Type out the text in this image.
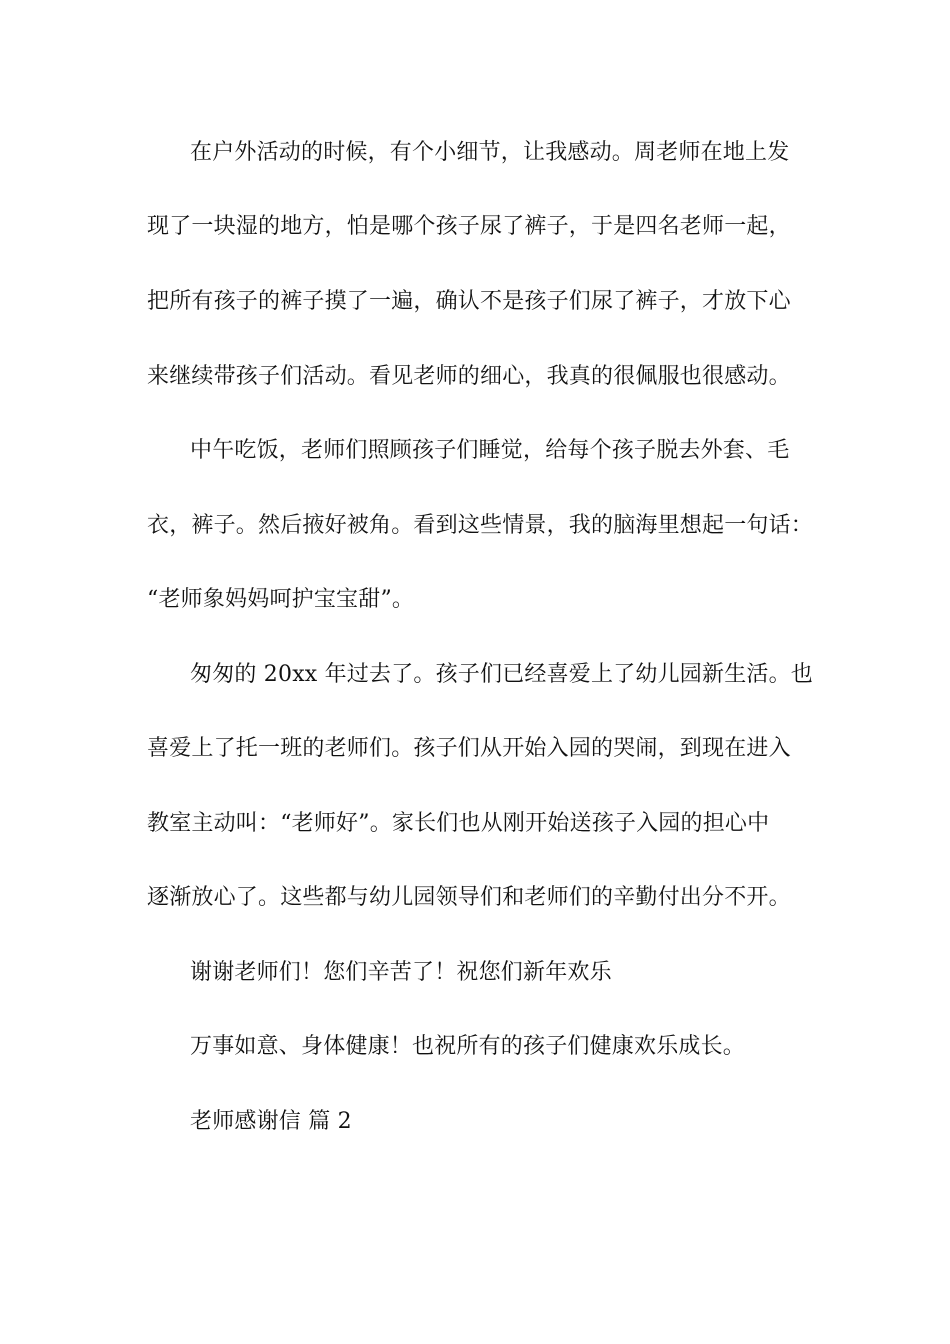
在户外活动的时候，有个小细节，让我感动。周老师在地上发
现了一块湿的地方，怕是哪个孩子尿了裤子，于是四名老师一起，
把所有孩子的裤子摸了一遍，确认不是孩子们尿了裤子，才放下心
来继续带孩子们活动。看见老师的细心，我真的很佩服也很感动。
中午吃饭，老师们照顾孩子们睡觉，给每个孩子脱去外套、毛
衣，裤子。然后掖好被角。看到这些情景，我的脑海里想起一句话：
“老师象妈妈呵护宝宝甜”。
匆匆的 20xx 年过去了。孩子们已经喜爱上了幼儿园新生活。也
喜爱上了托一班的老师们。孩子们从开始入园的哭闹，到现在进入
教室主动叫：“老师好”。家长们也从刚开始送孩子入园的担心中
逐渐放心了。这些都与幼儿园领导们和老师们的辛勤付出分不开。
谢谢老师们！您们辛苦了！祝您们新年欢乐
万事如意、身体健康！也祝所有的孩子们健康欢乐成长。
老师感谢信 篇 2
